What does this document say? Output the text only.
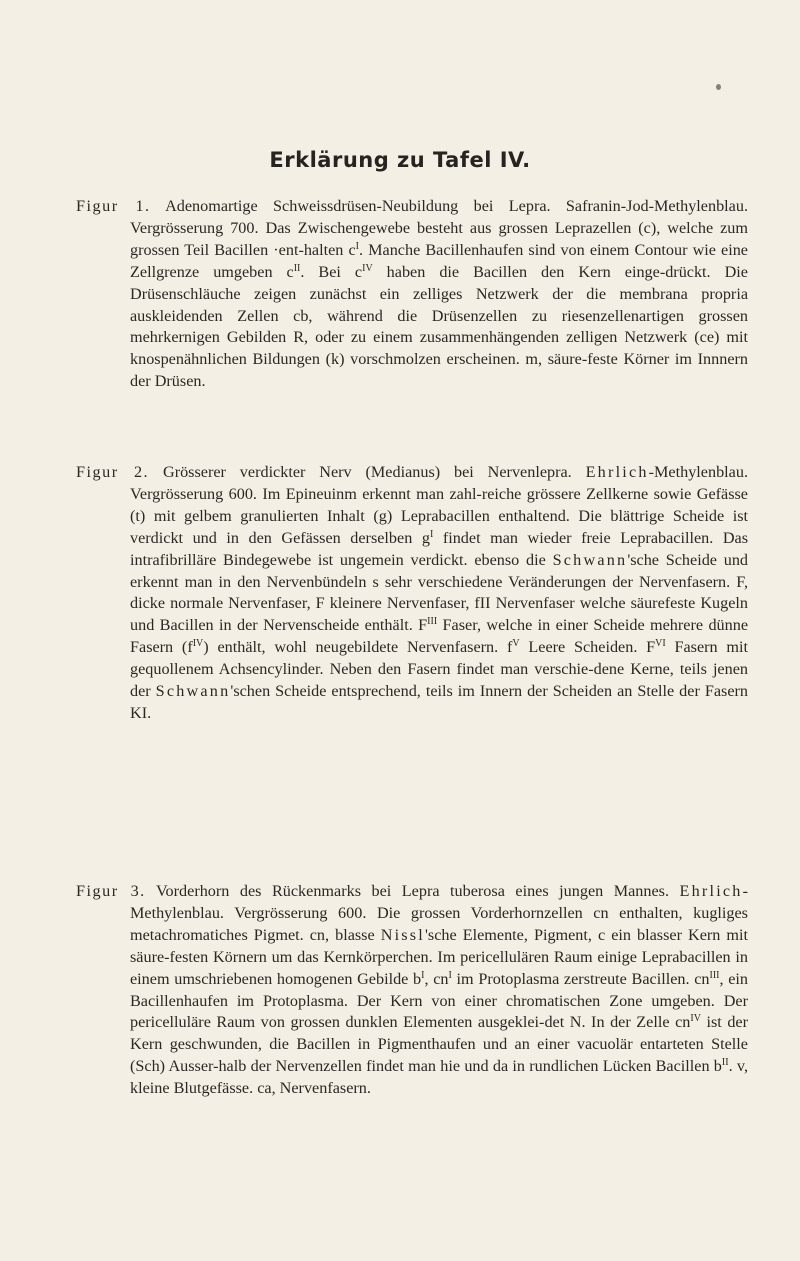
Erklärung zu Tafel IV.

Figur 1. Adenomartige Schweissdrüsen-Neubildung bei Lepra. Safranin-Jod-Methylenblau. Vergrösserung 700. Das Zwischengewebe besteht aus grossen Leprazellen (c), welche zum grossen Teil Bacillen ·ent-halten $c^I$. Manche Bacillenhaufen sind von einem Contour wie eine Zellgrenze umgeben $c^{II}$. Bei $c^{IV}$ haben die Bacillen den Kern einge-drückt. Die Drüsenschläuche zeigen zunächst ein zelliges Netzwerk der die membrana propria auskleidenden Zellen cb, während die Drüsenzellen zu riesenzellenartigen grossen mehrkernigen Gebilden R, oder zu einem zusammenhängenden zelligen Netzwerk (ce) mit knospenähnlichen Bildungen (k) vorschmolzen erscheinen. m, säure-feste Körner im Innnern der Drüsen.

Figur 2. Grösserer verdickter Nerv (Medianus) bei Nervenlepra. Ehrlich-Methylenblau. Vergrösserung 600. Im Epineuinm erkennt man zahl-reiche grössere Zellkerne sowie Gefässe (t) mit gelbem granulierten Inhalt (g) Leprabacillen enthaltend. Die blättrige Scheide ist verdickt und in den Gefässen derselben $g^I$ findet man wieder freie Leprabacillen. Das intrafibrilläre Bindegewebe ist ungemein verdickt. ebenso die Schwann'sche Scheide und erkennt man in den Nervenbündeln s sehr verschiedene Veränderungen der Nervenfasern. F, dicke normale Nervenfaser, F kleinere Nervenfaser, fII Nervenfaser welche säurefeste Kugeln und Bacillen in der Nervenscheide enthält. $F^{III}$ Faser, welche in einer Scheide mehrere dünne Fasern $(f^{IV})$ enthält, wohl neugebildete Nervenfasern. $f^V$ Leere Scheiden. $F^{VI}$ Fasern mit gequollenem Achsencylinder. Neben den Fasern findet man verschie-dene Kerne, teils jenen der Schwann'schen Scheide entsprechend, teils im Innern der Scheiden an Stelle der Fasern KI.

Figur 3. Vorderhorn des Rückenmarks bei Lepra tuberosa eines jungen Mannes. Ehrlich-Methylenblau. Vergrösserung 600. Die grossen Vorderhornzellen cn enthalten, kugliges metachromatiches Pigmet. cn, blasse Nissl'sche Elemente, Pigment, c ein blasser Kern mit säure-festen Körnern um das Kernkörperchen. Im pericellulären Raum einige Leprabacillen in einem umschriebenen homogenen Gebilde $b^I$, $cn^I$ im Protoplasma zerstreute Bacillen. $cn^{III}$, ein Bacillenhaufen im Protoplasma. Der Kern von einer chromatischen Zone umgeben. Der pericelluläre Raum von grossen dunklen Elementen ausgeklei-det N. In der Zelle $cn^{IV}$ ist der Kern geschwunden, die Bacillen in Pigmenthaufen und an einer vacuolär entarteten Stelle (Sch) Ausser-halb der Nervenzellen findet man hie und da in rundlichen Lücken Bacillen $b^{II}$. v, kleine Blutgefässe. ca, Nervenfasern.
